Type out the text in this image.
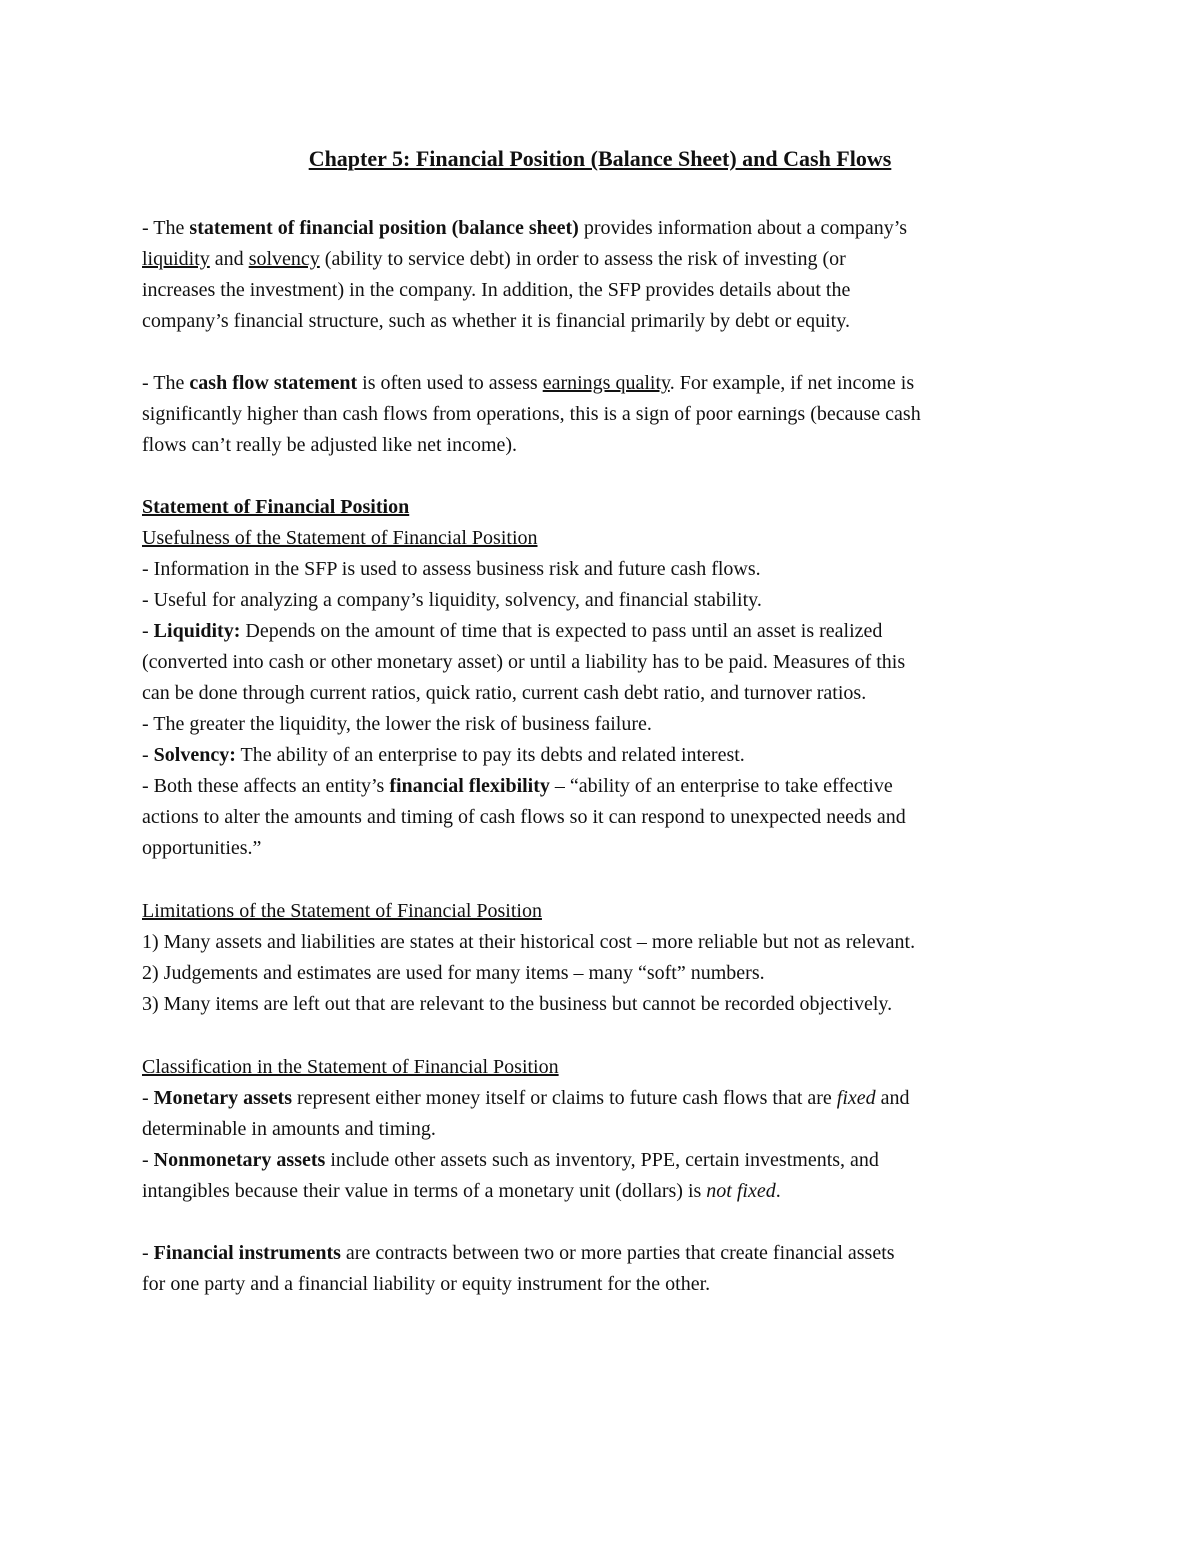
Chapter 5: Financial Position (Balance Sheet) and Cash Flows
- The statement of financial position (balance sheet) provides information about a company’s
liquidity and solvency (ability to service debt) in order to assess the risk of investing (or
increases the investment) in the company. In addition, the SFP provides details about the
company’s financial structure, such as whether it is financial primarily by debt or equity.
- The cash flow statement is often used to assess earnings quality. For example, if net income is
significantly higher than cash flows from operations, this is a sign of poor earnings (because cash
flows can’t really be adjusted like net income).
Statement of Financial Position
Usefulness of the Statement of Financial Position
- Information in the SFP is used to assess business risk and future cash flows.
- Useful for analyzing a company’s liquidity, solvency, and financial stability.
- Liquidity: Depends on the amount of time that is expected to pass until an asset is realized
(converted into cash or other monetary asset) or until a liability has to be paid. Measures of this
can be done through current ratios, quick ratio, current cash debt ratio, and turnover ratios.
- The greater the liquidity, the lower the risk of business failure.
- Solvency: The ability of an enterprise to pay its debts and related interest.
- Both these affects an entity’s financial flexibility – “ability of an enterprise to take effective
actions to alter the amounts and timing of cash flows so it can respond to unexpected needs and
opportunities.”
Limitations of the Statement of Financial Position
1) Many assets and liabilities are states at their historical cost – more reliable but not as relevant.
2) Judgements and estimates are used for many items – many “soft” numbers.
3) Many items are left out that are relevant to the business but cannot be recorded objectively.
Classification in the Statement of Financial Position
- Monetary assets represent either money itself or claims to future cash flows that are fixed and
determinable in amounts and timing.
- Nonmonetary assets include other assets such as inventory, PPE, certain investments, and
intangibles because their value in terms of a monetary unit (dollars) is not fixed.
- Financial instruments are contracts between two or more parties that create financial assets
for one party and a financial liability or equity instrument for the other.
